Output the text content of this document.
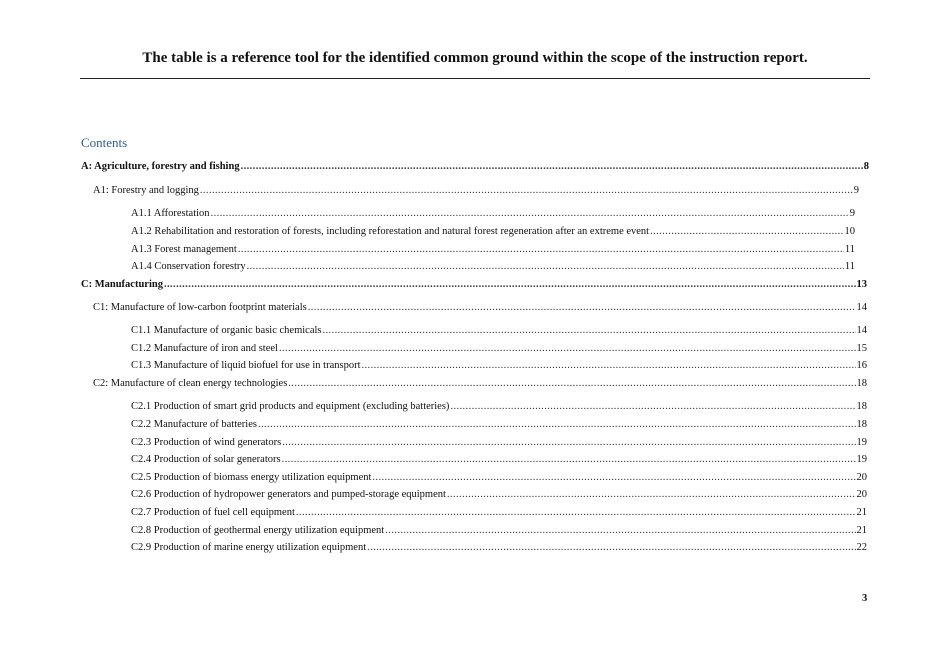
The table is a reference tool for the identified common ground within the scope of the instruction report.
Contents
A: Agriculture, forestry and fishing .....	8
A1: Forestry and logging .....	9
A1.1 Afforestation .....	9
A1.2 Rehabilitation and restoration of forests, including reforestation and natural forest regeneration after an extreme event .....	10
A1.3 Forest management .....	11
A1.4 Conservation forestry .....	11
C: Manufacturing .....	13
C1: Manufacture of low-carbon footprint materials .....	14
C1.1 Manufacture of organic basic chemicals .....	14
C1.2 Manufacture of iron and steel .....	15
C1.3 Manufacture of liquid biofuel for use in transport .....	16
C2: Manufacture of clean energy technologies .....	18
C2.1 Production of smart grid products and equipment (excluding batteries) .....	18
C2.2 Manufacture of batteries .....	18
C2.3 Production of wind generators .....	19
C2.4 Production of solar generators .....	19
C2.5 Production of biomass energy utilization equipment .....	20
C2.6 Production of hydropower generators and pumped-storage equipment .....	20
C2.7 Production of fuel cell equipment .....	21
C2.8 Production of geothermal energy utilization equipment .....	21
C2.9 Production of marine energy utilization equipment .....	22
3
